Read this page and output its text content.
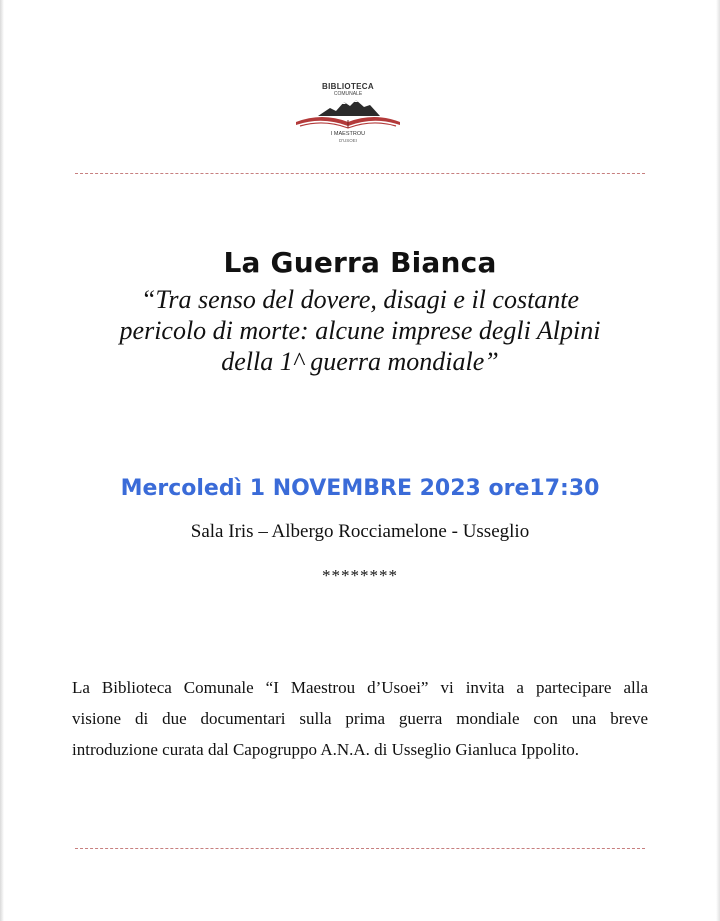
BIBLIOTECA
COMUNALE
I MAESTROU
D'USOEI
La Guerra Bianca
“Tra senso del dovere, disagi e il costante
pericolo di morte: alcune imprese degli Alpini
della 1^ guerra mondiale”
Mercoledì 1 NOVEMBRE 2023 ore17:30
Sala Iris – Albergo Rocciamelone - Usseglio
********
La Biblioteca Comunale “I Maestrou d’Usoei” vi invita a partecipare alla
visione di due documentari sulla prima guerra mondiale con una breve
introduzione curata dal Capogruppo A.N.A. di Usseglio Gianluca Ippolito.
